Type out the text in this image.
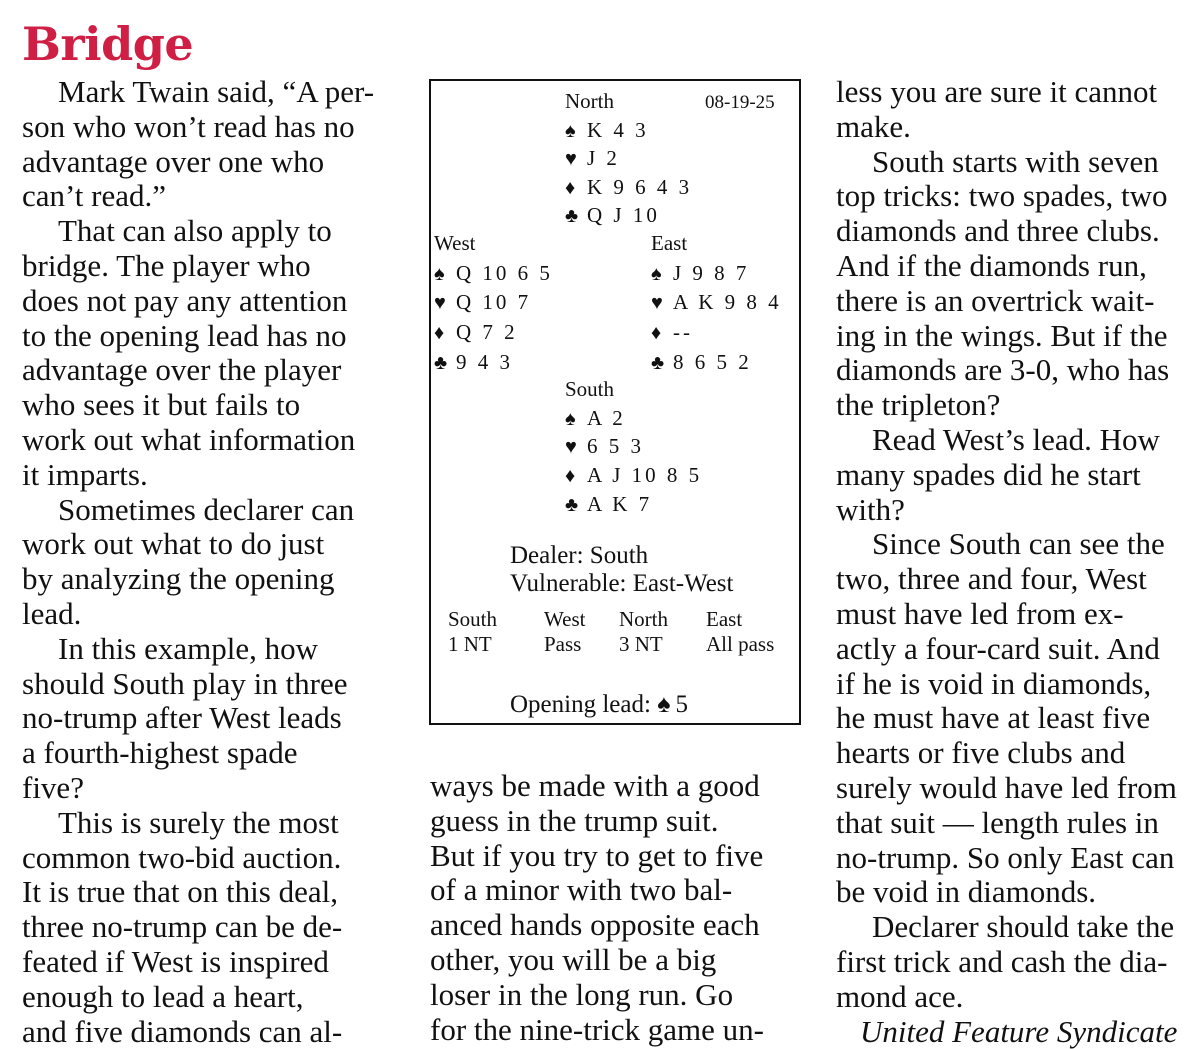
Bridge
Mark Twain said, “A per-
son who won’t read has no
advantage over one who
can’t read.”
That can also apply to
bridge. The player who
does not pay any attention
to the opening lead has no
advantage over the player
who sees it but fails to
work out what information
it imparts.
Sometimes declarer can
work out what to do just
by analyzing the opening
lead.
In this example, how
should South play in three
no-trump after West leads
a fourth-highest spade
five?
This is surely the most
common two-bid auction.
It is true that on this deal,
three no-trump can be de-
feated if West is inspired
enough to lead a heart,
and five diamonds can al-
ways be made with a good
guess in the trump suit.
But if you try to get to five
of a minor with two bal-
anced hands opposite each
other, you will be a big
loser in the long run. Go
for the nine-trick game un-
less you are sure it cannot
make.
South starts with seven
top tricks: two spades, two
diamonds and three clubs.
And if the diamonds run,
there is an overtrick wait-
ing in the wings. But if the
diamonds are 3-0, who has
the tripleton?
Read West’s lead. How
many spades did he start
with?
Since South can see the
two, three and four, West
must have led from ex-
actly a four-card suit. And
if he is void in diamonds,
he must have at least five
hearts or five clubs and
surely would have led from
that suit — length rules in
no-trump. So only East can
be void in diamonds.
Declarer should take the
first trick and cash the dia-
mond ace.
United Feature Syndicate
North	08-19-25
♠ K 4 3
♥ J 2
♦ K 9 6 4 3
♣ Q J 10
West
♠ Q 10 6 5
♥ Q 10 7
♦ Q 7 2
♣ 9 4 3
East
♠ J 9 8 7
♥ A K 9 8 4
♦ --
♣ 8 6 5 2
South
♠ A 2
♥ 6 5 3
♦ A J 10 8 5
♣ A K 7
Dealer: South
Vulnerable: East-West
South West North East
1 NT Pass 3 NT All pass
Opening lead: ♠  5
